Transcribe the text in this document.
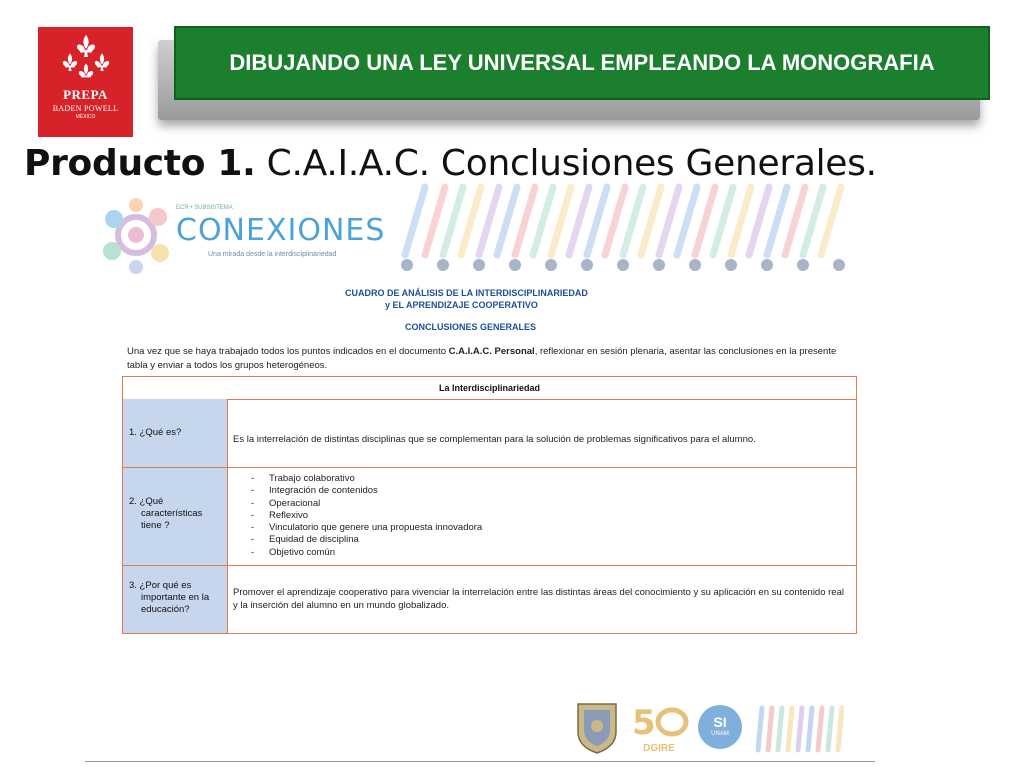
PREPA
BADEN POWELL
MÉXICO
DIBUJANDO UNA LEY UNIVERSAL EMPLEANDO LA MONOGRAFIA
Producto 1. C.A.I.A.C. Conclusiones Generales.
ECR • SUBSISTEMA
CONEXIONES
Una mirada desde la interdisciplinariedad
CUADRO DE ANÁLISIS DE LA INTERDISCIPLINARIEDAD
y EL APRENDIZAJE COOPERATIVO
CONCLUSIONES GENERALES
Una vez que se haya trabajado todos los puntos indicados en el documento C.A.I.A.C. Personal, reflexionar en sesión plenaria, asentar las conclusiones en la presente tabla y enviar a todos los grupos heterogéneos.
La Interdisciplinariedad
1. ¿Qué es?
Es la interrelación de distintas disciplinas que se complementan para la solución de problemas significativos para el alumno.
2. ¿Qué características tiene ?
- Trabajo colaborativo
- Integración de contenidos
- Operacional
- Reflexivo
- Vinculatorio que genere una propuesta innovadora
- Equidad de disciplina
- Objetivo común
3. ¿Por qué es importante en la educación?
Promover el aprendizaje cooperativo para vivenciar la interrelación entre las distintas áreas del conocimiento y su aplicación en su contenido real y la inserción del alumno en un mundo globalizado.
5
DGIRE
SI
UNAM
